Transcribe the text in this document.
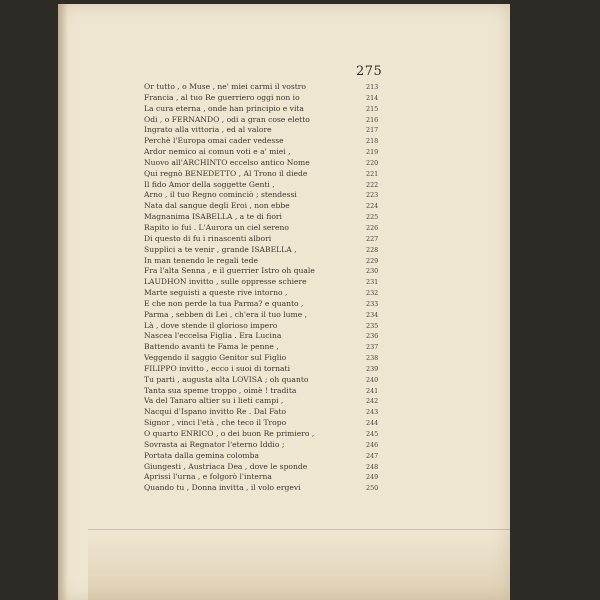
275
Or tutto , o Muse , ne' miei carmi il vostro	213
Francia , al tuo Re guerriero oggi non io	214
La cura eterna , onde han principio e vita	215
Odi , o FERNANDO , odi a gran cose eletto	216
Ingrato alla vittoria , ed al valore	217
Perchè l'Europa omai cader vedesse	218
Ardor nemico ai comun voti e a' miei ,	219
Nuovo all'ARCHINTO eccelso antico Nome	220
Qui regnò BENEDETTO , Al Trono il diede	221
Il fido Amor della soggette Genti ,	222
Arno , il tuo Regno cominciò ; stendessi	223
Nata dal sangue degli Eroi , non ebbe	224
Magnanima ISABELLA , a te di fiori	225
Rapito io fui . L'Aurora un ciel sereno	226
Di questo di fu i rinascenti albori	227
Supplici a te venir , grande ISABELLA ,	228
In man tenendo le regali tede	229
Fra l'alta Senna , e il guerrier Istro oh quale	230
LAUDHON invitto , sulle oppresse schiere	231
Marte seguisti a queste rive intorno ,	232
E che non perde la tua Parma? e quanto ,	233
Parma , sebben di Lei , ch'era il tuo lume ,	234
Là , dove stende il glorioso impero	235
Nascea l'eccelsa Figlia . Era Lucina	236
Battendo avanti te Fama le penne ,	237
Veggendo il saggio Genitor sul Figlio	238
FILIPPO invitto , ecco i suoi di tornati	239
Tu parti , augusta alta LOVISA ; oh quanto	240
Tanta sua speme troppo , oimè ! tradita	241
Va del Tanaro altier su i lieti campi ,	242
Nacqui d'Ispano invitto Re . Dal Fato	243
Signor , vinci l'età , che teco il Tropo	244
O quarto ENRICO , o dei buon Re primiero ,	245
Sovrasta ai Regnator l'eterno Iddio ;	246
Portata dalla gemina colomba	247
Giungesti , Austriaca Dea , dove le sponde	248
Aprissi l'urna , e folgorò l'interna	249
Quando tu , Donna invitta , il volo ergevi	250
